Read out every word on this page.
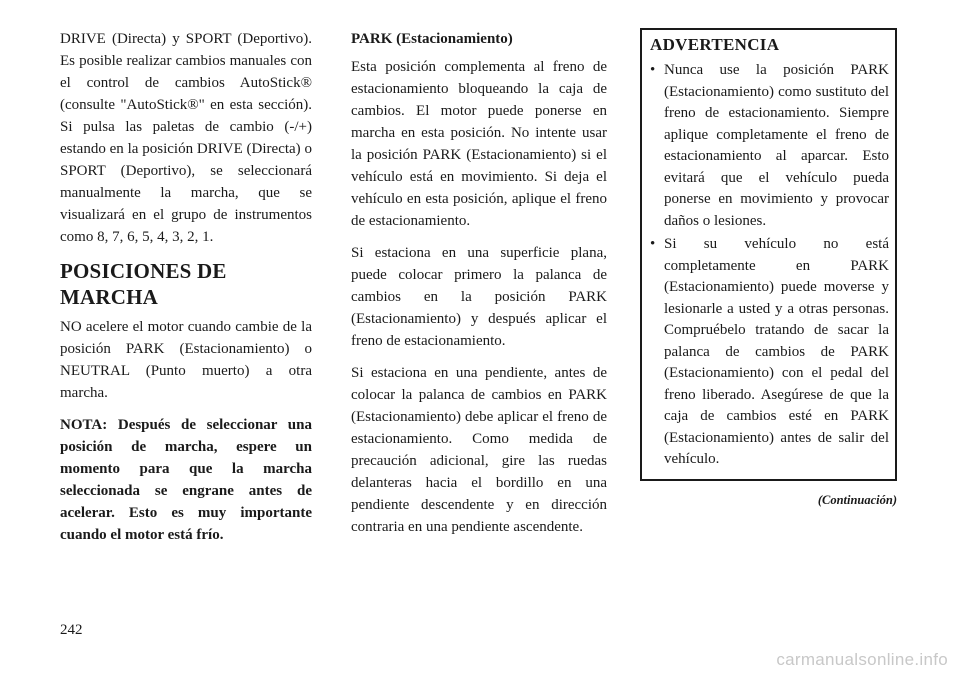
DRIVE (Directa) y SPORT (Deportivo). Es posible realizar cambios manuales con el control de cambios AutoStick® (consulte "AutoStick®" en esta sección). Si pulsa las paletas de cambio (-/+) estando en la posición DRIVE (Directa) o SPORT (Deportivo), se seleccionará manualmente la marcha, que se visualizará en el grupo de instrumentos como 8, 7, 6, 5, 4, 3, 2, 1.

POSICIONES DE MARCHA

NO acelere el motor cuando cambie de la posición PARK (Estacionamiento) o NEUTRAL (Punto muerto) a otra marcha.

NOTA: Después de seleccionar una posición de marcha, espere un momento para que la marcha seleccionada se engrane antes de acelerar. Esto es muy importante cuando el motor está frío.

PARK (Estacionamiento)

Esta posición complementa al freno de estacionamiento bloqueando la caja de cambios. El motor puede ponerse en marcha en esta posición. No intente usar la posición PARK (Estacionamiento) si el vehículo está en movimiento. Si deja el vehículo en esta posición, aplique el freno de estacionamiento.

Si estaciona en una superficie plana, puede colocar primero la palanca de cambios en la posición PARK (Estacionamiento) y después aplicar el freno de estacionamiento.

Si estaciona en una pendiente, antes de colocar la palanca de cambios en PARK (Estacionamiento) debe aplicar el freno de estacionamiento. Como medida de precaución adicional, gire las ruedas delanteras hacia el bordillo en una pendiente descendente y en dirección contraria en una pendiente ascendente.

ADVERTENCIA
• Nunca use la posición PARK (Estacionamiento) como sustituto del freno de estacionamiento. Siempre aplique completamente el freno de estacionamiento al aparcar. Esto evitará que el vehículo pueda ponerse en movimiento y provocar daños o lesiones.
• Si su vehículo no está completamente en PARK (Estacionamiento) puede moverse y lesionarle a usted y a otras personas. Compruébelo tratando de sacar la palanca de cambios de PARK (Estacionamiento) con el pedal del freno liberado. Asegúrese de que la caja de cambios esté en PARK (Estacionamiento) antes de salir del vehículo.
(Continuación)
242
carmanualsonline.info
